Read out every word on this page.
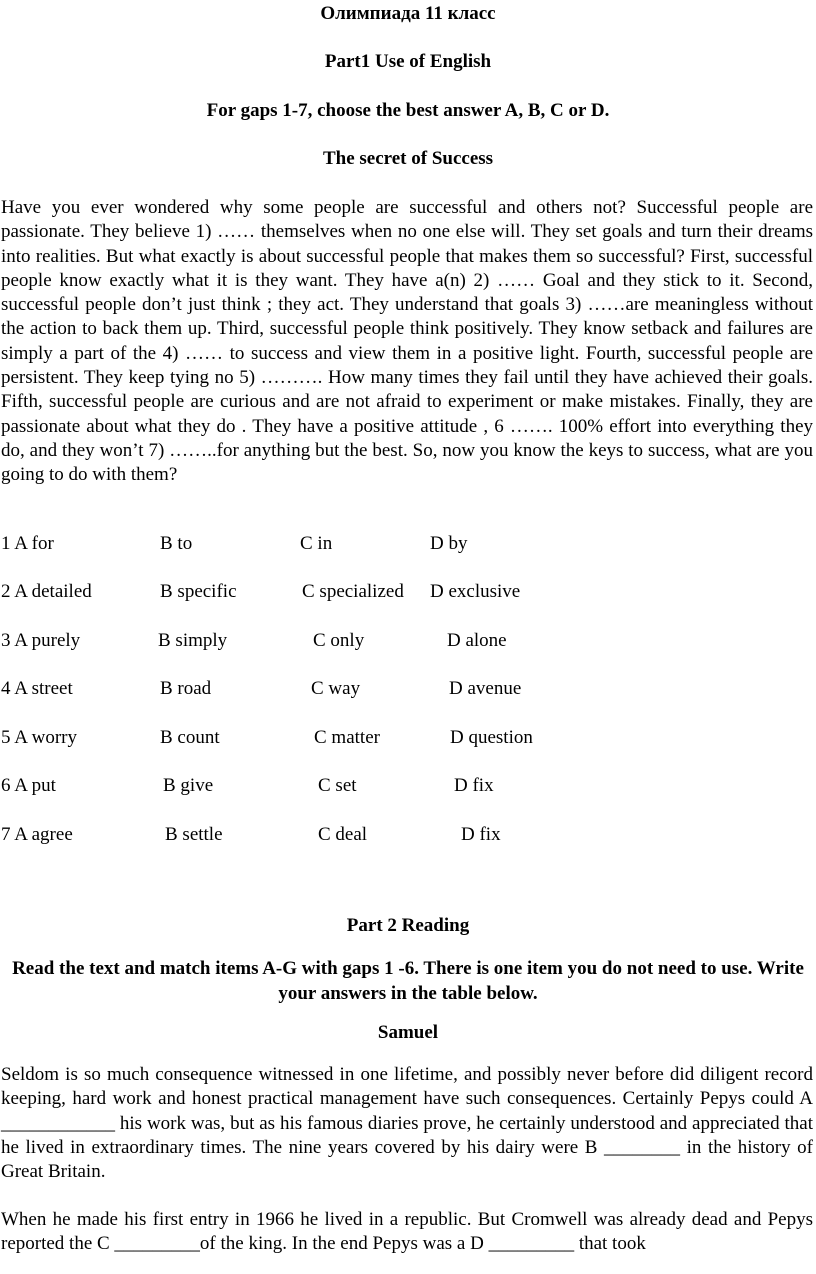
Олимпиада 11 класс
Part1 Use of English
For gaps 1-7, choose the best answer A, B, C or D.
The secret of Success

Have you ever wondered why some people are successful and others not? Successful people are passionate. They believe 1) …… themselves when no one else will. They set goals and turn their dreams into realities. But what exactly is about successful people that makes them so successful? First, successful people know exactly what it is they want. They have a(n) 2) …… Goal and they stick to it. Second, successful people don’t just think ; they act. They understand that goals 3) ……are meaningless without the action to back them up. Third, successful people think positively. They know setback and failures are simply a part of the 4) …… to success and view them in a positive light. Fourth, successful people are persistent. They keep tying no 5) ………. How many times they fail until they have achieved their goals. Fifth, successful people are curious and are not afraid to experiment or make mistakes. Finally, they are passionate about what they do . They have a positive attitude , 6 ……. 100% effort into everything they do, and they won’t 7) ……..for anything but the best. So, now you know the keys to success, what are you going to do with them?

1 A for	B to	C in	D by
2 A detailed	B specific	C specialized D exclusive
3 A purely	B simply	C only	D alone
4 A street	B road	C way	D avenue
5 A worry	B count	C matter	D question
6 A put	B give	C set	D fix
7 A agree	B settle	C deal	D fix
Part 2 Reading
Read the text and match items A-G with gaps 1 -6. There is one item you do not need to use. Write your answers in the table below.
Samuel

Seldom is so much consequence witnessed in one lifetime, and possibly never before did diligent record keeping, hard work and honest practical management have such consequences. Certainly Pepys could A ____________ his work was, but as his famous diaries prove, he certainly understood and appreciated that he lived in extraordinary times. The nine years covered by his dairy were B ________ in the history of Great Britain.

When he made his first entry in 1966 he lived in a republic. But Cromwell was already dead and Pepys reported the C _________of the king. In the end Pepys was a D _________ that took
